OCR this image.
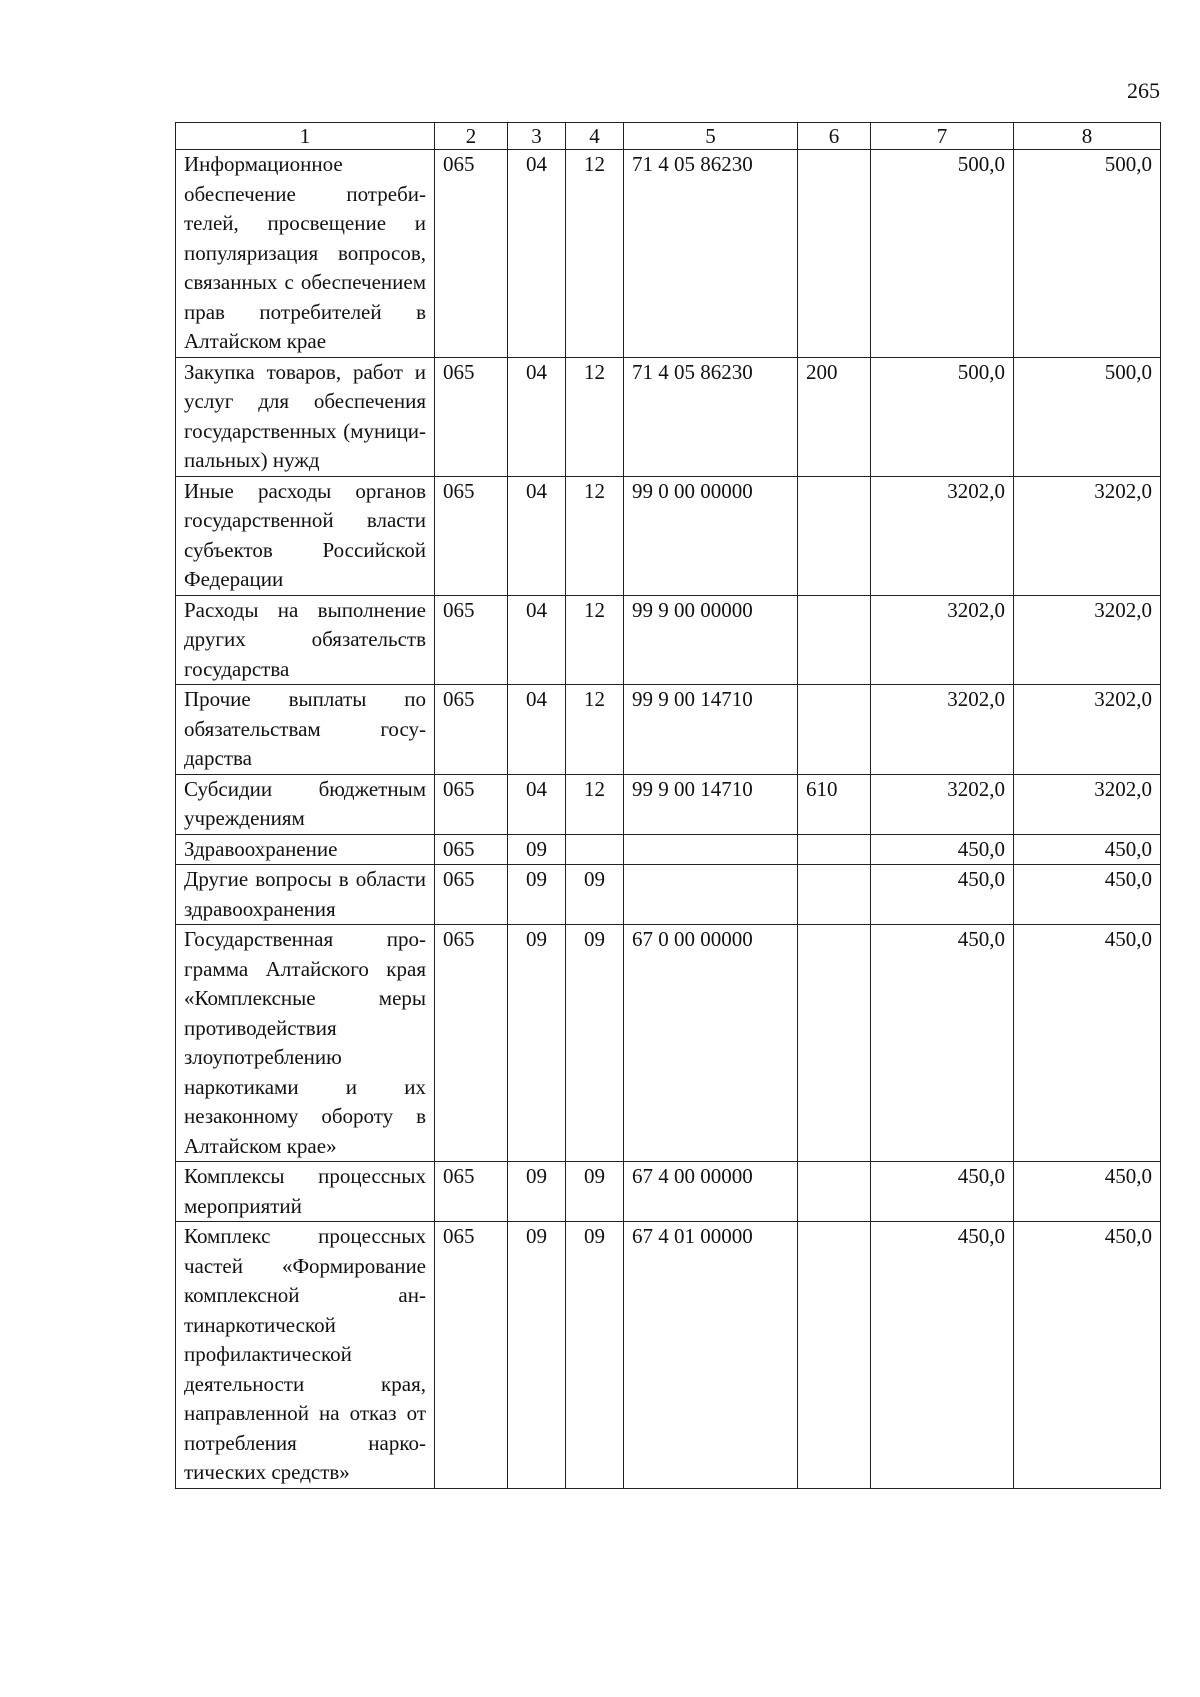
265
1	2	3	4	5	6	7	8
Информационное обеспечение потребителей, просвещение и популяризация вопросов, связанных с обеспечением прав потребителей в Алтайском крае	065	04	12	71 4 05 86230		500,0	500,0
Закупка товаров, работ и услуг для обеспечения государственных (муниципальных) нужд	065	04	12	71 4 05 86230	200	500,0	500,0
Иные расходы органов государственной власти субъектов Российской Федерации	065	04	12	99 0 00 00000		3202,0	3202,0
Расходы на выполнение других обязательств государства	065	04	12	99 9 00 00000		3202,0	3202,0
Прочие выплаты по обязательствам государства	065	04	12	99 9 00 14710		3202,0	3202,0
Субсидии бюджетным учреждениям	065	04	12	99 9 00 14710	610	3202,0	3202,0
Здравоохранение	065	09				450,0	450,0
Другие вопросы в области здравоохранения	065	09	09			450,0	450,0
Государственная программа Алтайского края «Комплексные меры противодействия злоупотреблению наркотиками и их незаконному обороту в Алтайском крае»	065	09	09	67 0 00 00000		450,0	450,0
Комплексы процессных мероприятий	065	09	09	67 4 00 00000		450,0	450,0
Комплекс процессных частей «Формирование комплексной антинаркотической профилактической деятельности края, направленной на отказ от потребления наркотических средств»	065	09	09	67 4 01 00000		450,0	450,0
